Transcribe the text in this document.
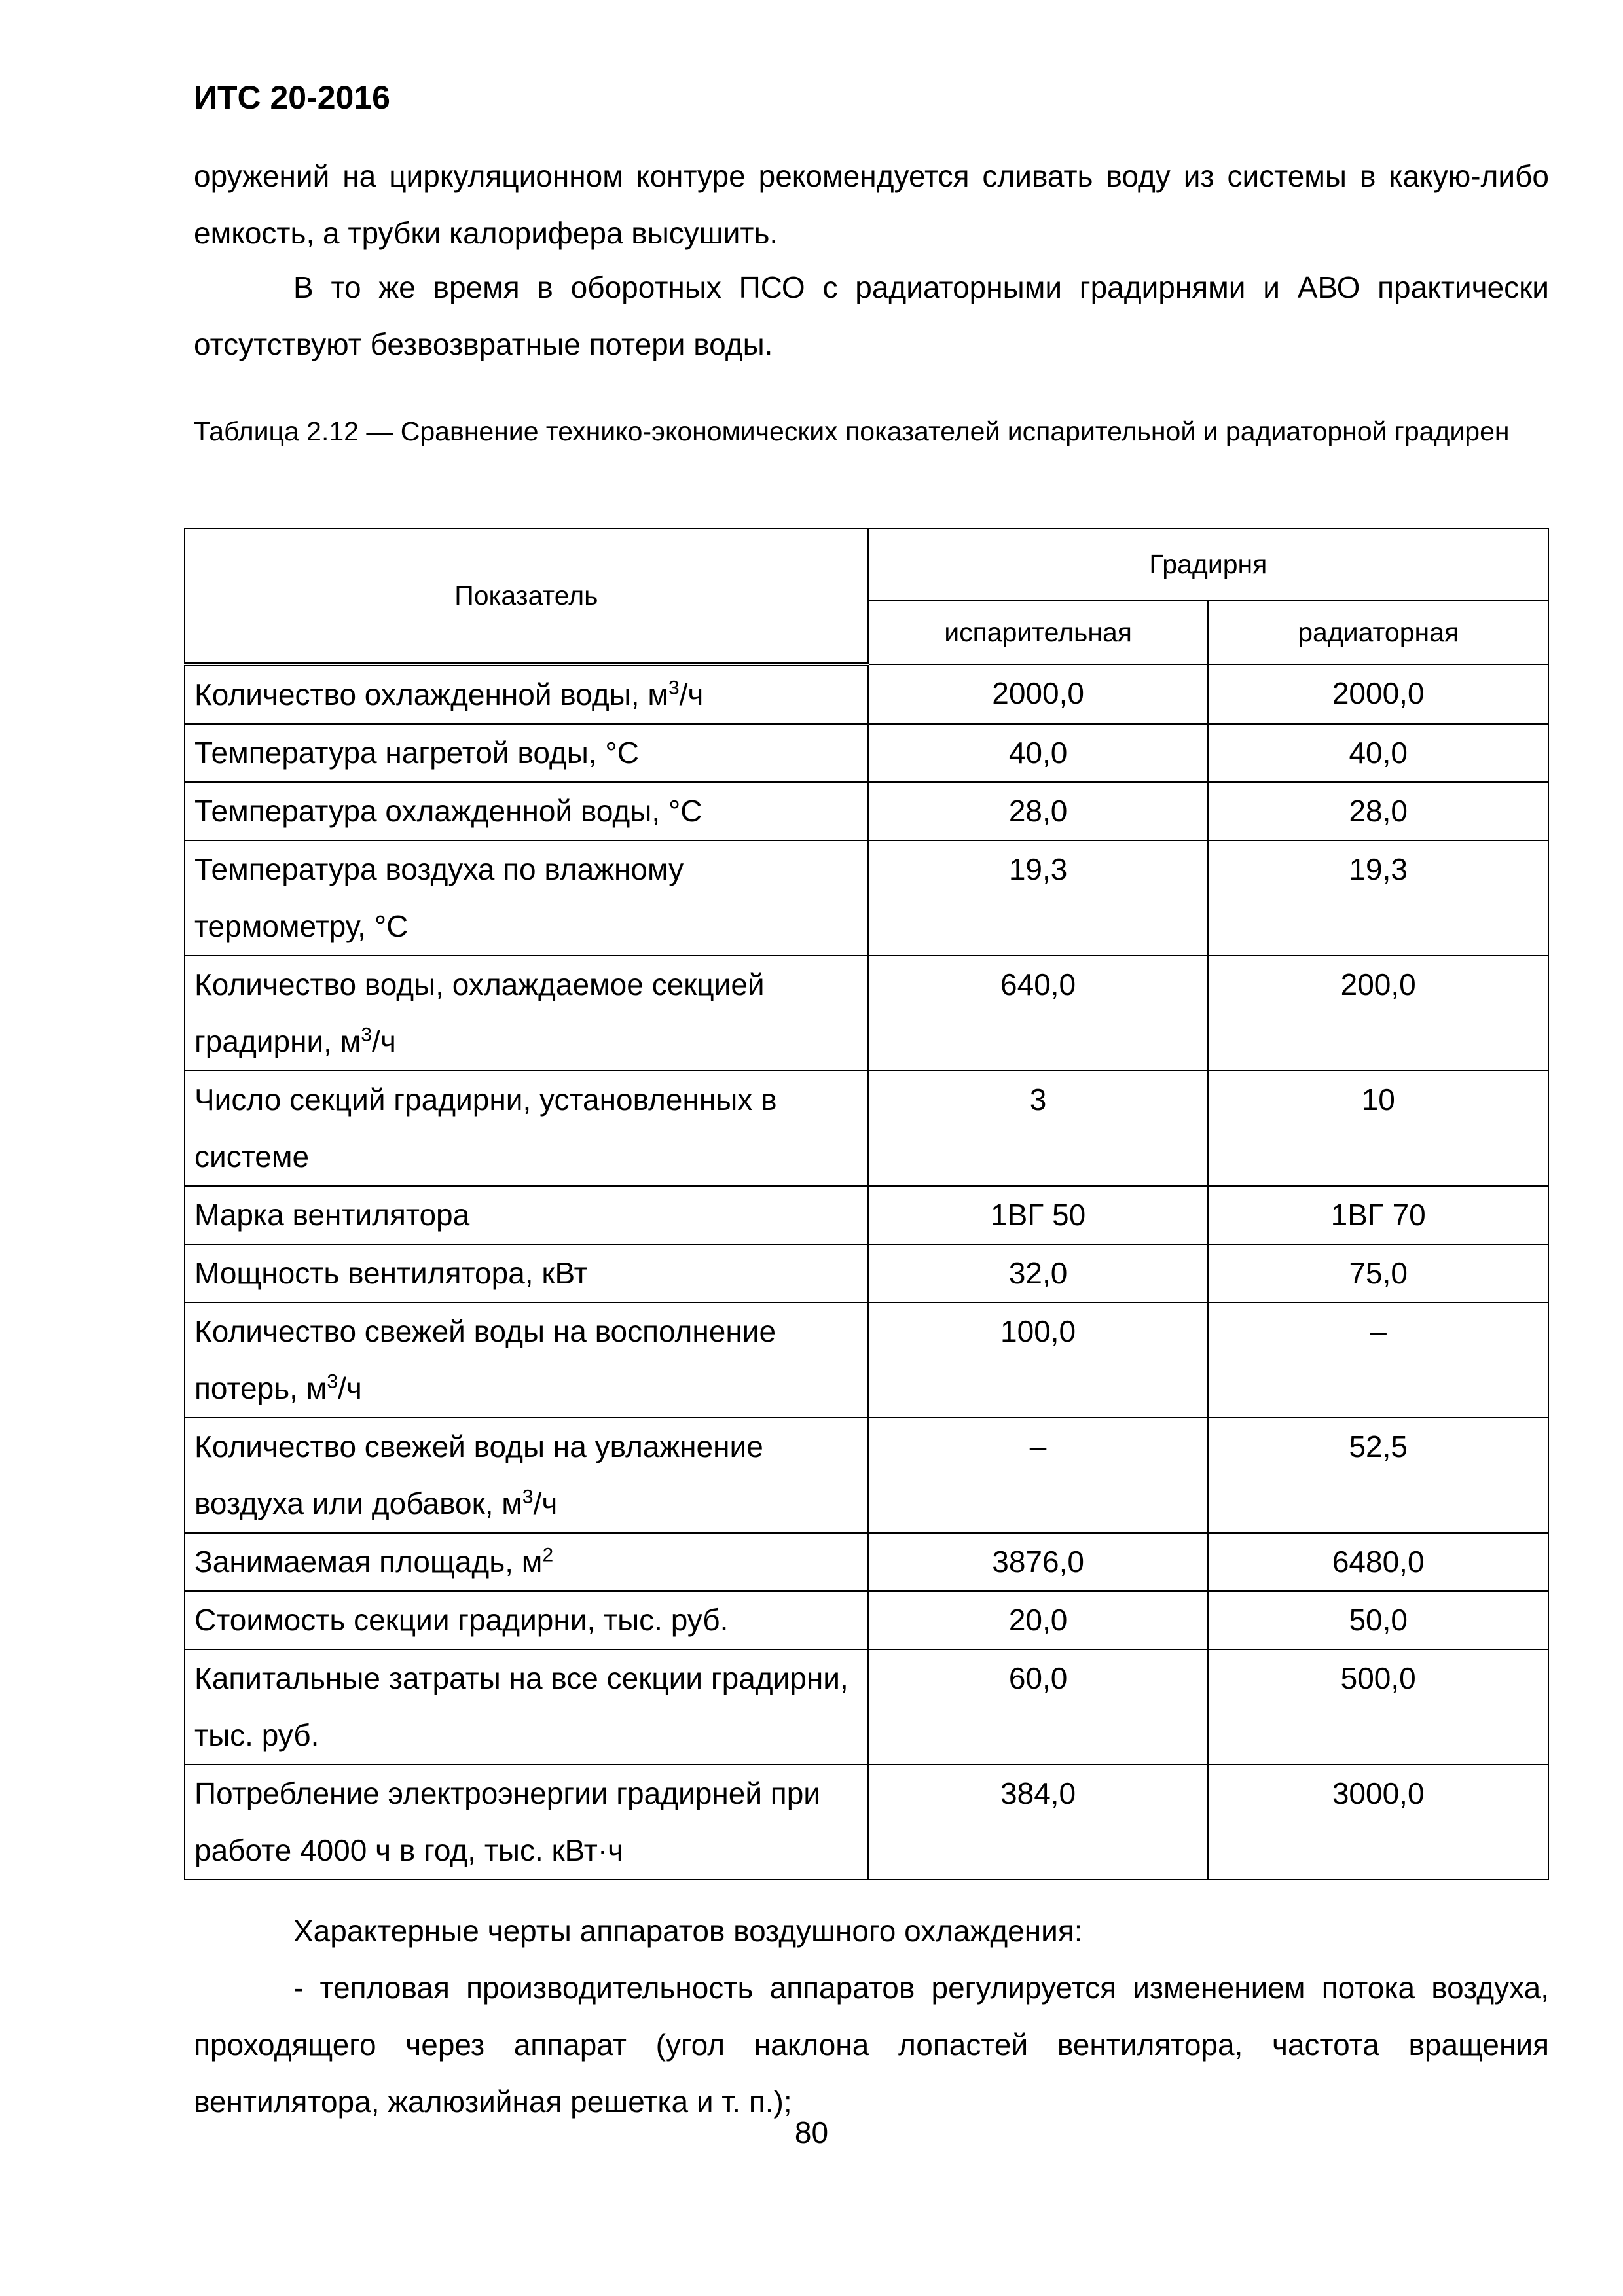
ИТС 20-2016

оружений на циркуляционном контуре рекомендуется сливать воду из системы в какую-либо емкость, а трубки калорифера высушить.

В то же время в оборотных ПСО с радиаторными градирнями и АВО практически отсутствуют безвозвратные потери воды.

Таблица 2.12 — Сравнение технико-экономических показателей испарительной и радиаторной градирен

Показатель	Градирня	
	испарительная	радиаторная
Количество охлажденной воды, $м^3/ч$	2000,0	2000,0
Температура нагретой воды, °С	40,0	40,0
Температура охлажденной воды, °С	28,0	28,0
Температура воздуха по влажному термометру, °С	19,3	19,3
Количество воды, охлаждаемое секцией градирни, $м^3/ч$	640,0	200,0
Число секций градирни, установленных в системе	3	10
Марка вентилятора	1ВГ 50	1ВГ 70
Мощность вентилятора, кВт	32,0	75,0
Количество свежей воды на восполнение потерь, $м^3/ч$	100,0	–
Количество свежей воды на увлажнение воздуха или добавок, $м^3/ч$	–	52,5
Занимаемая площадь, $м^2$	3876,0	6480,0
Стоимость секции градирни, тыс. руб.	20,0	50,0
Капитальные затраты на все секции градирни, тыс. руб.	60,0	500,0
Потребление электроэнергии градирней при работе 4000 ч в год, тыс. кВт·ч	384,0	3000,0

Характерные черты аппаратов воздушного охлаждения:

- тепловая производительность аппаратов регулируется изменением потока воздуха, проходящего через аппарат (угол наклона лопастей вентилятора, частота вращения вентилятора, жалюзийная решетка и т. п.);

80
